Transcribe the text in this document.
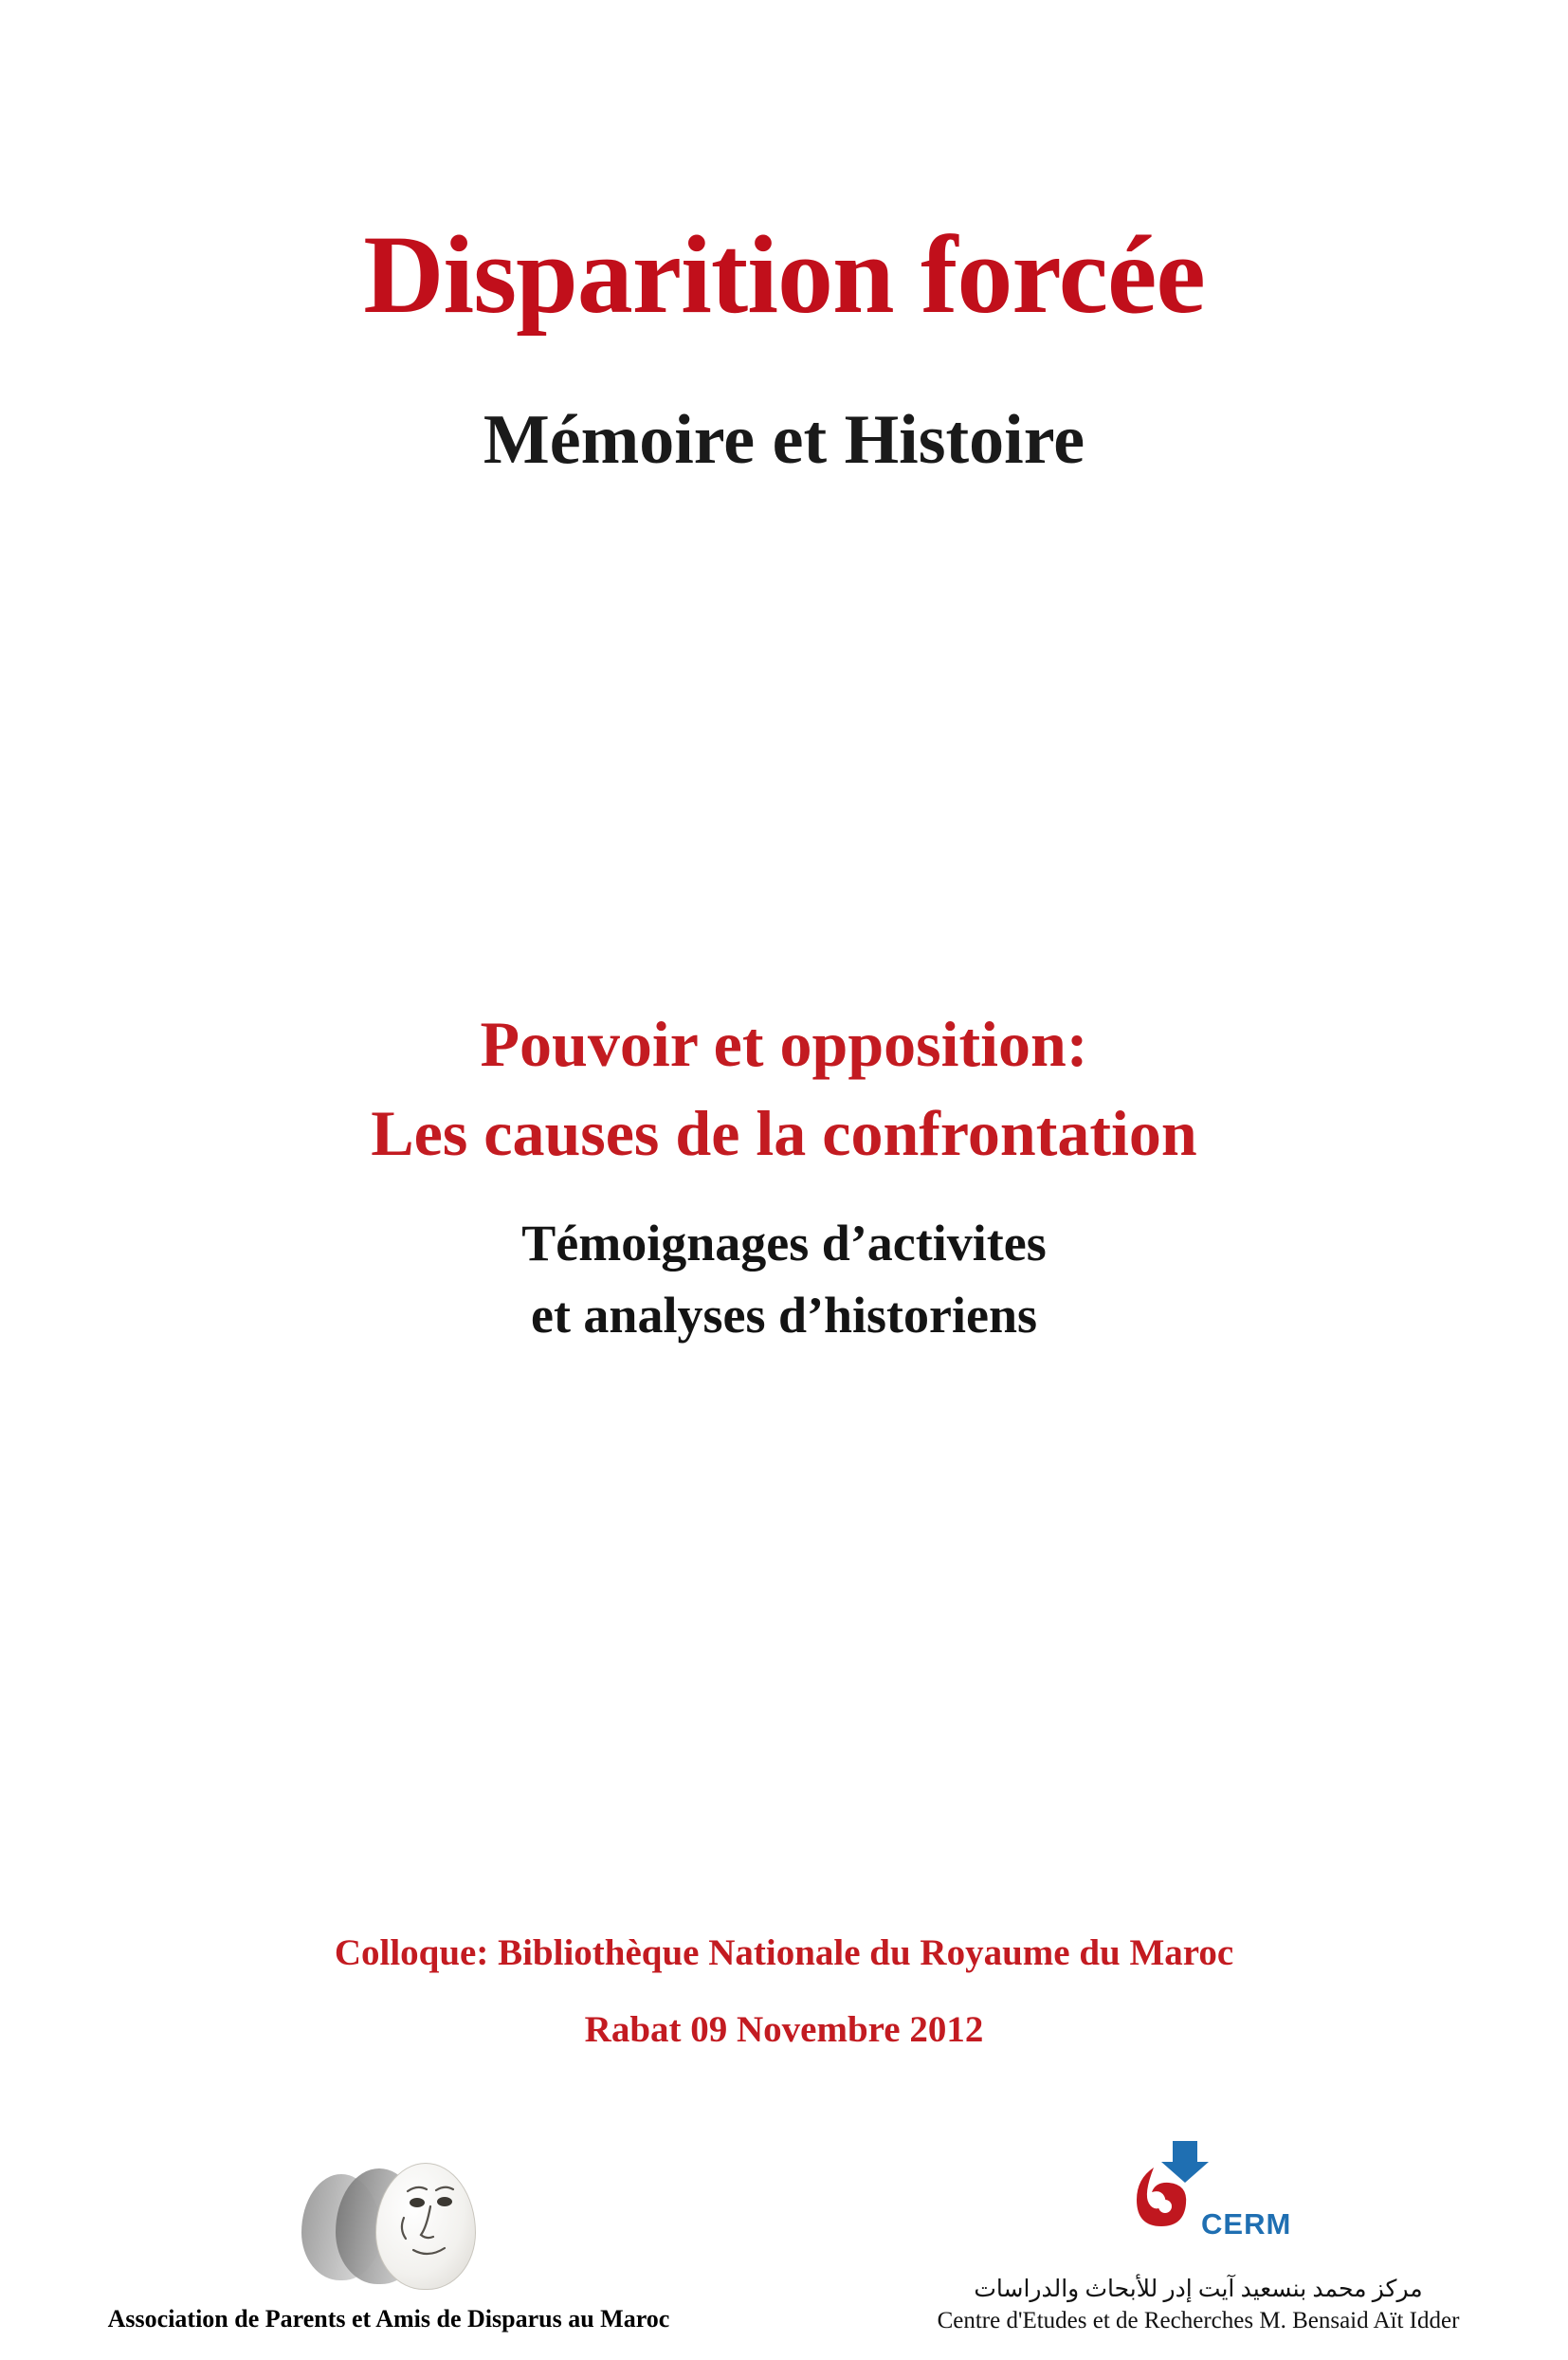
Disparition forcée
Mémoire et Histoire

Pouvoir et opposition:

Les causes de la confrontation

Témoignages d’activites

et analyses d’historiens

Colloque: Bibliothèque Nationale du Royaume du Maroc

Rabat 09 Novembre 2012

Association de Parents et Amis de Disparus au Maroc
CERM
مركز محمد بنسعيد آيت إدر للأبحاث والدراسات
Centre d'Etudes et de Recherches M. Bensaid Aït Idder
